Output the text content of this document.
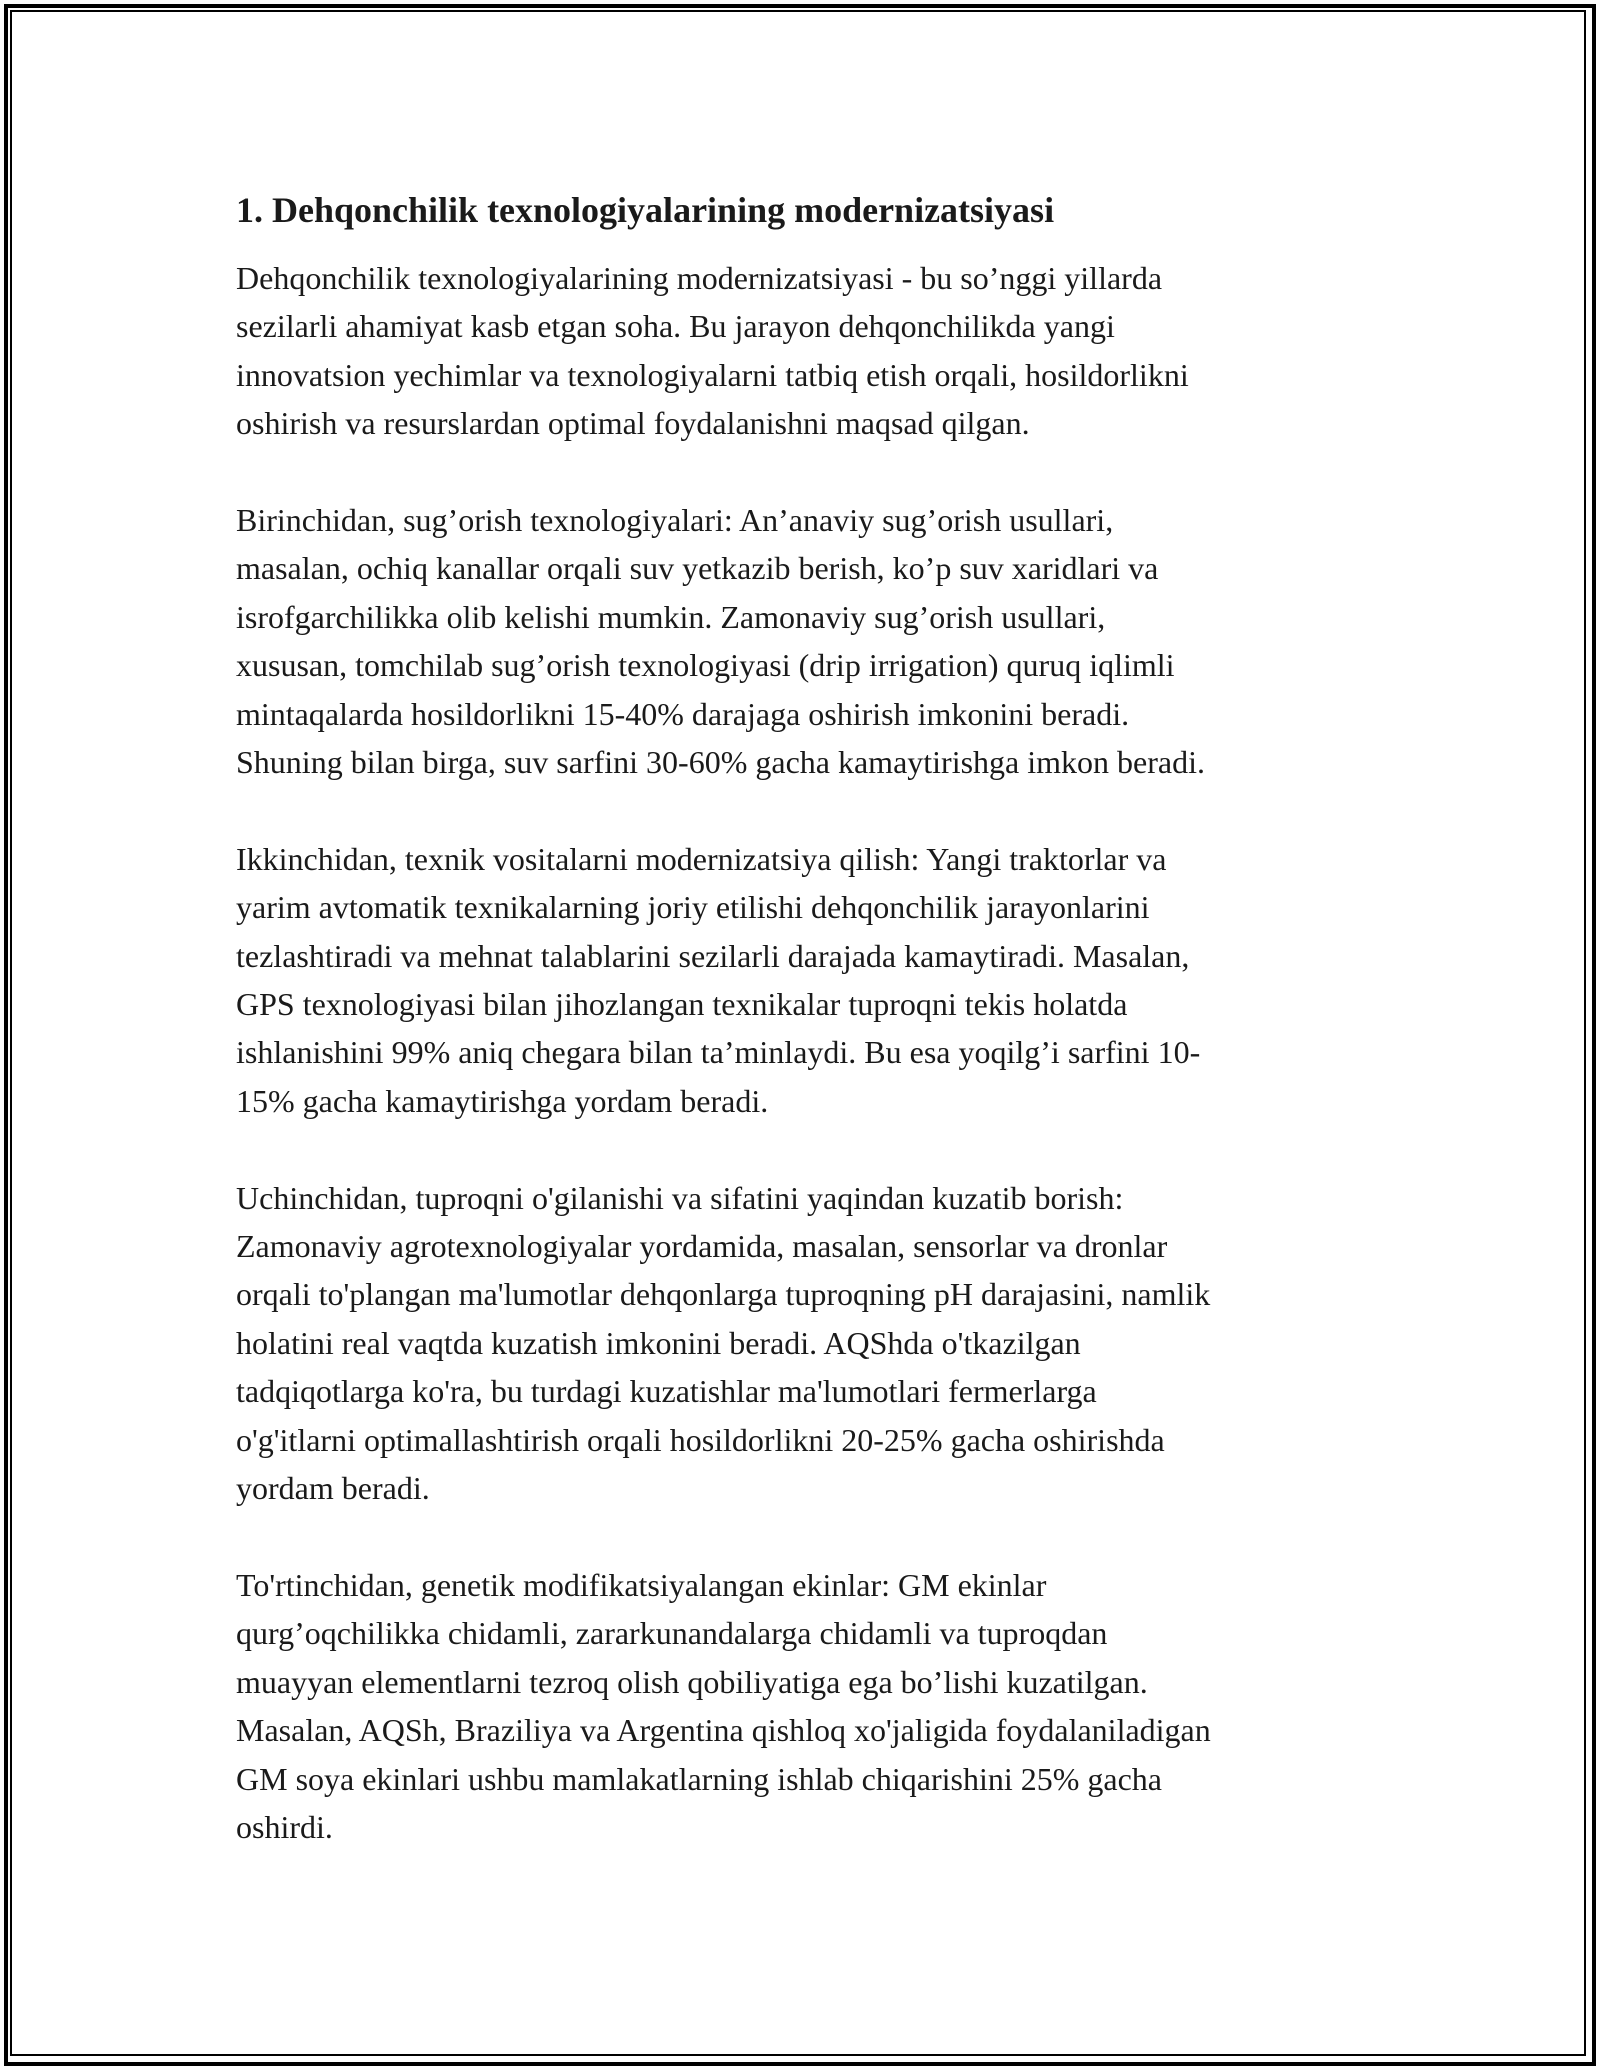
1. Dehqonchilik texnologiyalarining modernizatsiyasi

Dehqonchilik texnologiyalarining modernizatsiyasi - bu so’nggi yillarda
sezilarli ahamiyat kasb etgan soha. Bu jarayon dehqonchilikda yangi
innovatsion yechimlar va texnologiyalarni tatbiq etish orqali, hosildorlikni
oshirish va resurslardan optimal foydalanishni maqsad qilgan.

Birinchidan, sug’orish texnologiyalari: An’anaviy sug’orish usullari,
masalan, ochiq kanallar orqali suv yetkazib berish, ko’p suv xaridlari va
isrofgarchilikka olib kelishi mumkin. Zamonaviy sug’orish usullari,
xususan, tomchilab sug’orish texnologiyasi (drip irrigation) quruq iqlimli
mintaqalarda hosildorlikni 15-40% darajaga oshirish imkonini beradi.
Shuning bilan birga, suv sarfini 30-60% gacha kamaytirishga imkon beradi.

Ikkinchidan, texnik vositalarni modernizatsiya qilish: Yangi traktorlar va
yarim avtomatik texnikalarning joriy etilishi dehqonchilik jarayonlarini
tezlashtiradi va mehnat talablarini sezilarli darajada kamaytiradi. Masalan,
GPS texnologiyasi bilan jihozlangan texnikalar tuproqni tekis holatda
ishlanishini 99% aniq chegara bilan ta’minlaydi. Bu esa yoqilg’i sarfini 10-
15% gacha kamaytirishga yordam beradi.

Uchinchidan, tuproqni o'gilanishi va sifatini yaqindan kuzatib borish:
Zamonaviy agrotexnologiyalar yordamida, masalan, sensorlar va dronlar
orqali to'plangan ma'lumotlar dehqonlarga tuproqning pH darajasini, namlik
holatini real vaqtda kuzatish imkonini beradi. AQShda o'tkazilgan
tadqiqotlarga ko'ra, bu turdagi kuzatishlar ma'lumotlari fermerlarga
o'g'itlarni optimallashtirish orqali hosildorlikni 20-25% gacha oshirishda
yordam beradi.

To'rtinchidan, genetik modifikatsiyalangan ekinlar: GM ekinlar
qurg’oqchilikka chidamli, zararkunandalarga chidamli va tuproqdan
muayyan elementlarni tezroq olish qobiliyatiga ega bo’lishi kuzatilgan.
Masalan, AQSh, Braziliya va Argentina qishloq xo'jaligida foydalaniladigan
GM soya ekinlari ushbu mamlakatlarning ishlab chiqarishini 25% gacha
oshirdi.
